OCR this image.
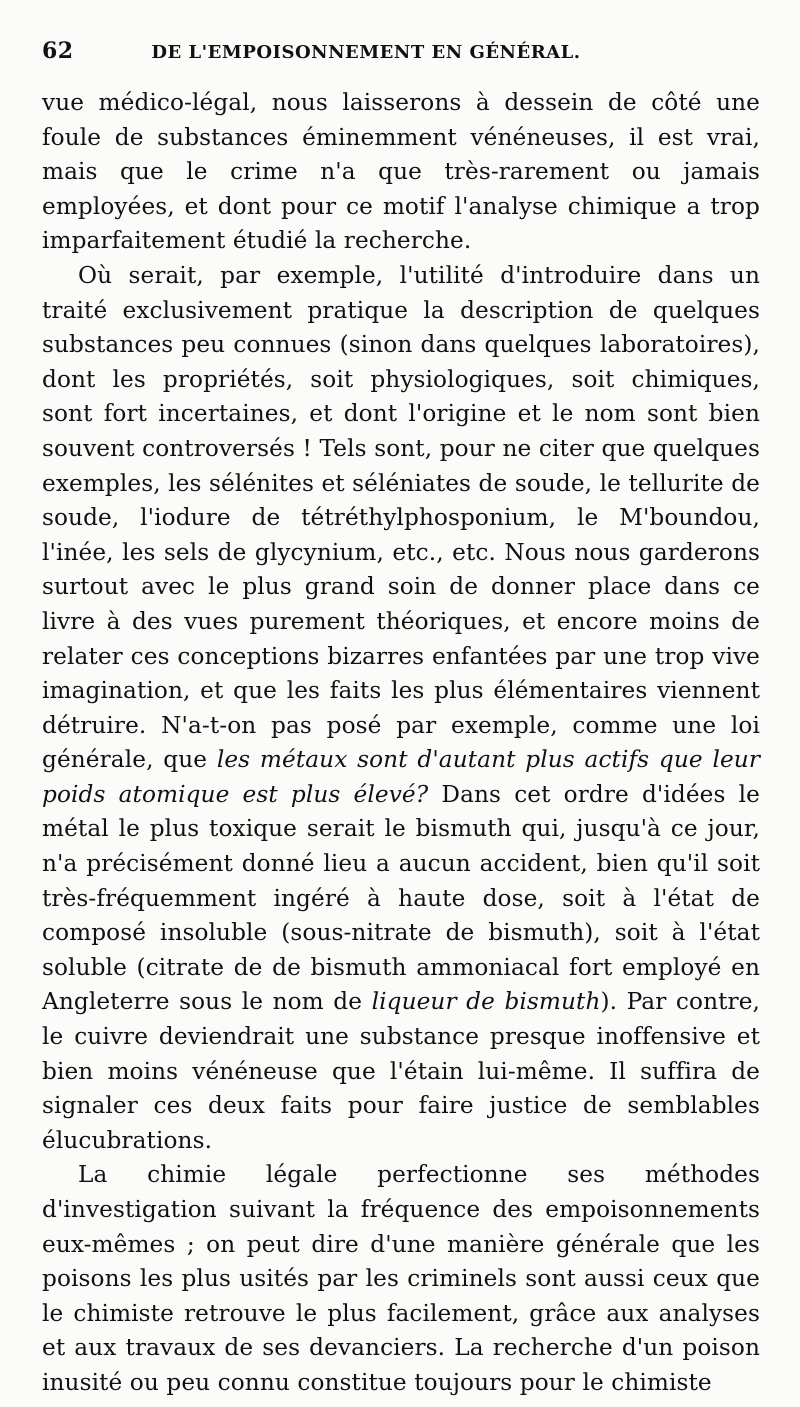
62	DE L'EMPOISONNEMENT EN GÉNÉRAL.

vue médico-légal, nous laisserons à dessein de côté une foule de substances éminemment vénéneuses, il est vrai, mais que le crime n'a que très-rarement ou jamais employées, et dont pour ce motif l'analyse chimique a trop imparfaitement étudié la recherche.

Où serait, par exemple, l'utilité d'introduire dans un traité exclusivement pratique la description de quelques substances peu connues (sinon dans quelques laboratoires), dont les propriétés, soit physiologiques, soit chimiques, sont fort incertaines, et dont l'origine et le nom sont bien souvent controversés ! Tels sont, pour ne citer que quelques exemples, les sélénites et séléniates de soude, le tellurite de soude, l'iodure de tétréthylphosponium, le M'boundou, l'inée, les sels de glycynium, etc., etc. Nous nous garderons surtout avec le plus grand soin de donner place dans ce livre à des vues purement théoriques, et encore moins de relater ces conceptions bizarres enfantées par une trop vive imagination, et que les faits les plus élémentaires viennent détruire. N'a-t-on pas posé par exemple, comme une loi générale, que les métaux sont d'autant plus actifs que leur poids atomique est plus élevé? Dans cet ordre d'idées le métal le plus toxique serait le bismuth qui, jusqu'à ce jour, n'a précisément donné lieu a aucun accident, bien qu'il soit très-fréquemment ingéré à haute dose, soit à l'état de composé insoluble (sous-nitrate de bismuth), soit à l'état soluble (citrate de de bismuth ammoniacal fort employé en Angleterre sous le nom de liqueur de bismuth). Par contre, le cuivre deviendrait une substance presque inoffensive et bien moins vénéneuse que l'étain lui-même. Il suffira de signaler ces deux faits pour faire justice de semblables élucubrations.

La chimie légale perfectionne ses méthodes d'investigation suivant la fréquence des empoisonnements eux-mêmes ; on peut dire d'une manière générale que les poisons les plus usités par les criminels sont aussi ceux que le chimiste retrouve le plus facilement, grâce aux analyses et aux travaux de ses devanciers. La recherche d'un poison inusité ou peu connu constitue toujours pour le chimiste
